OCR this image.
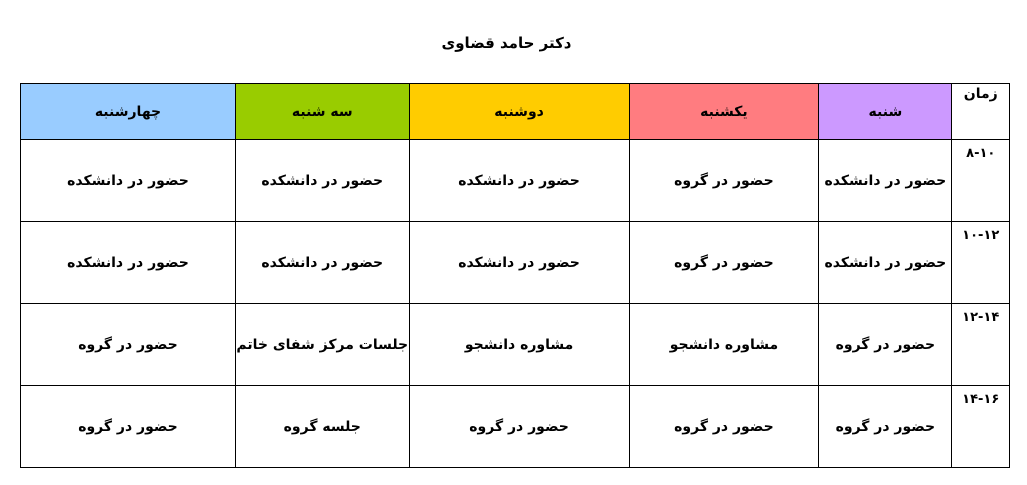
دکتر حامد قضاوی
زمان	شنبه	یکشنبه	دوشنبه	سه شنبه	چهارشنبه
۸-۱۰	حضور در دانشکده	حضور در گروه	حضور در دانشکده	حضور در دانشکده	حضور در دانشکده
۱۰-۱۲	حضور در دانشکده	حضور در گروه	حضور در دانشکده	حضور در دانشکده	حضور در دانشکده
۱۲-۱۴	حضور در گروه	مشاوره دانشجو	مشاوره دانشجو	جلسات مرکز شفای خاتم	حضور در گروه
۱۴-۱۶	حضور در گروه	حضور در گروه	حضور در گروه	جلسه گروه	حضور در گروه
